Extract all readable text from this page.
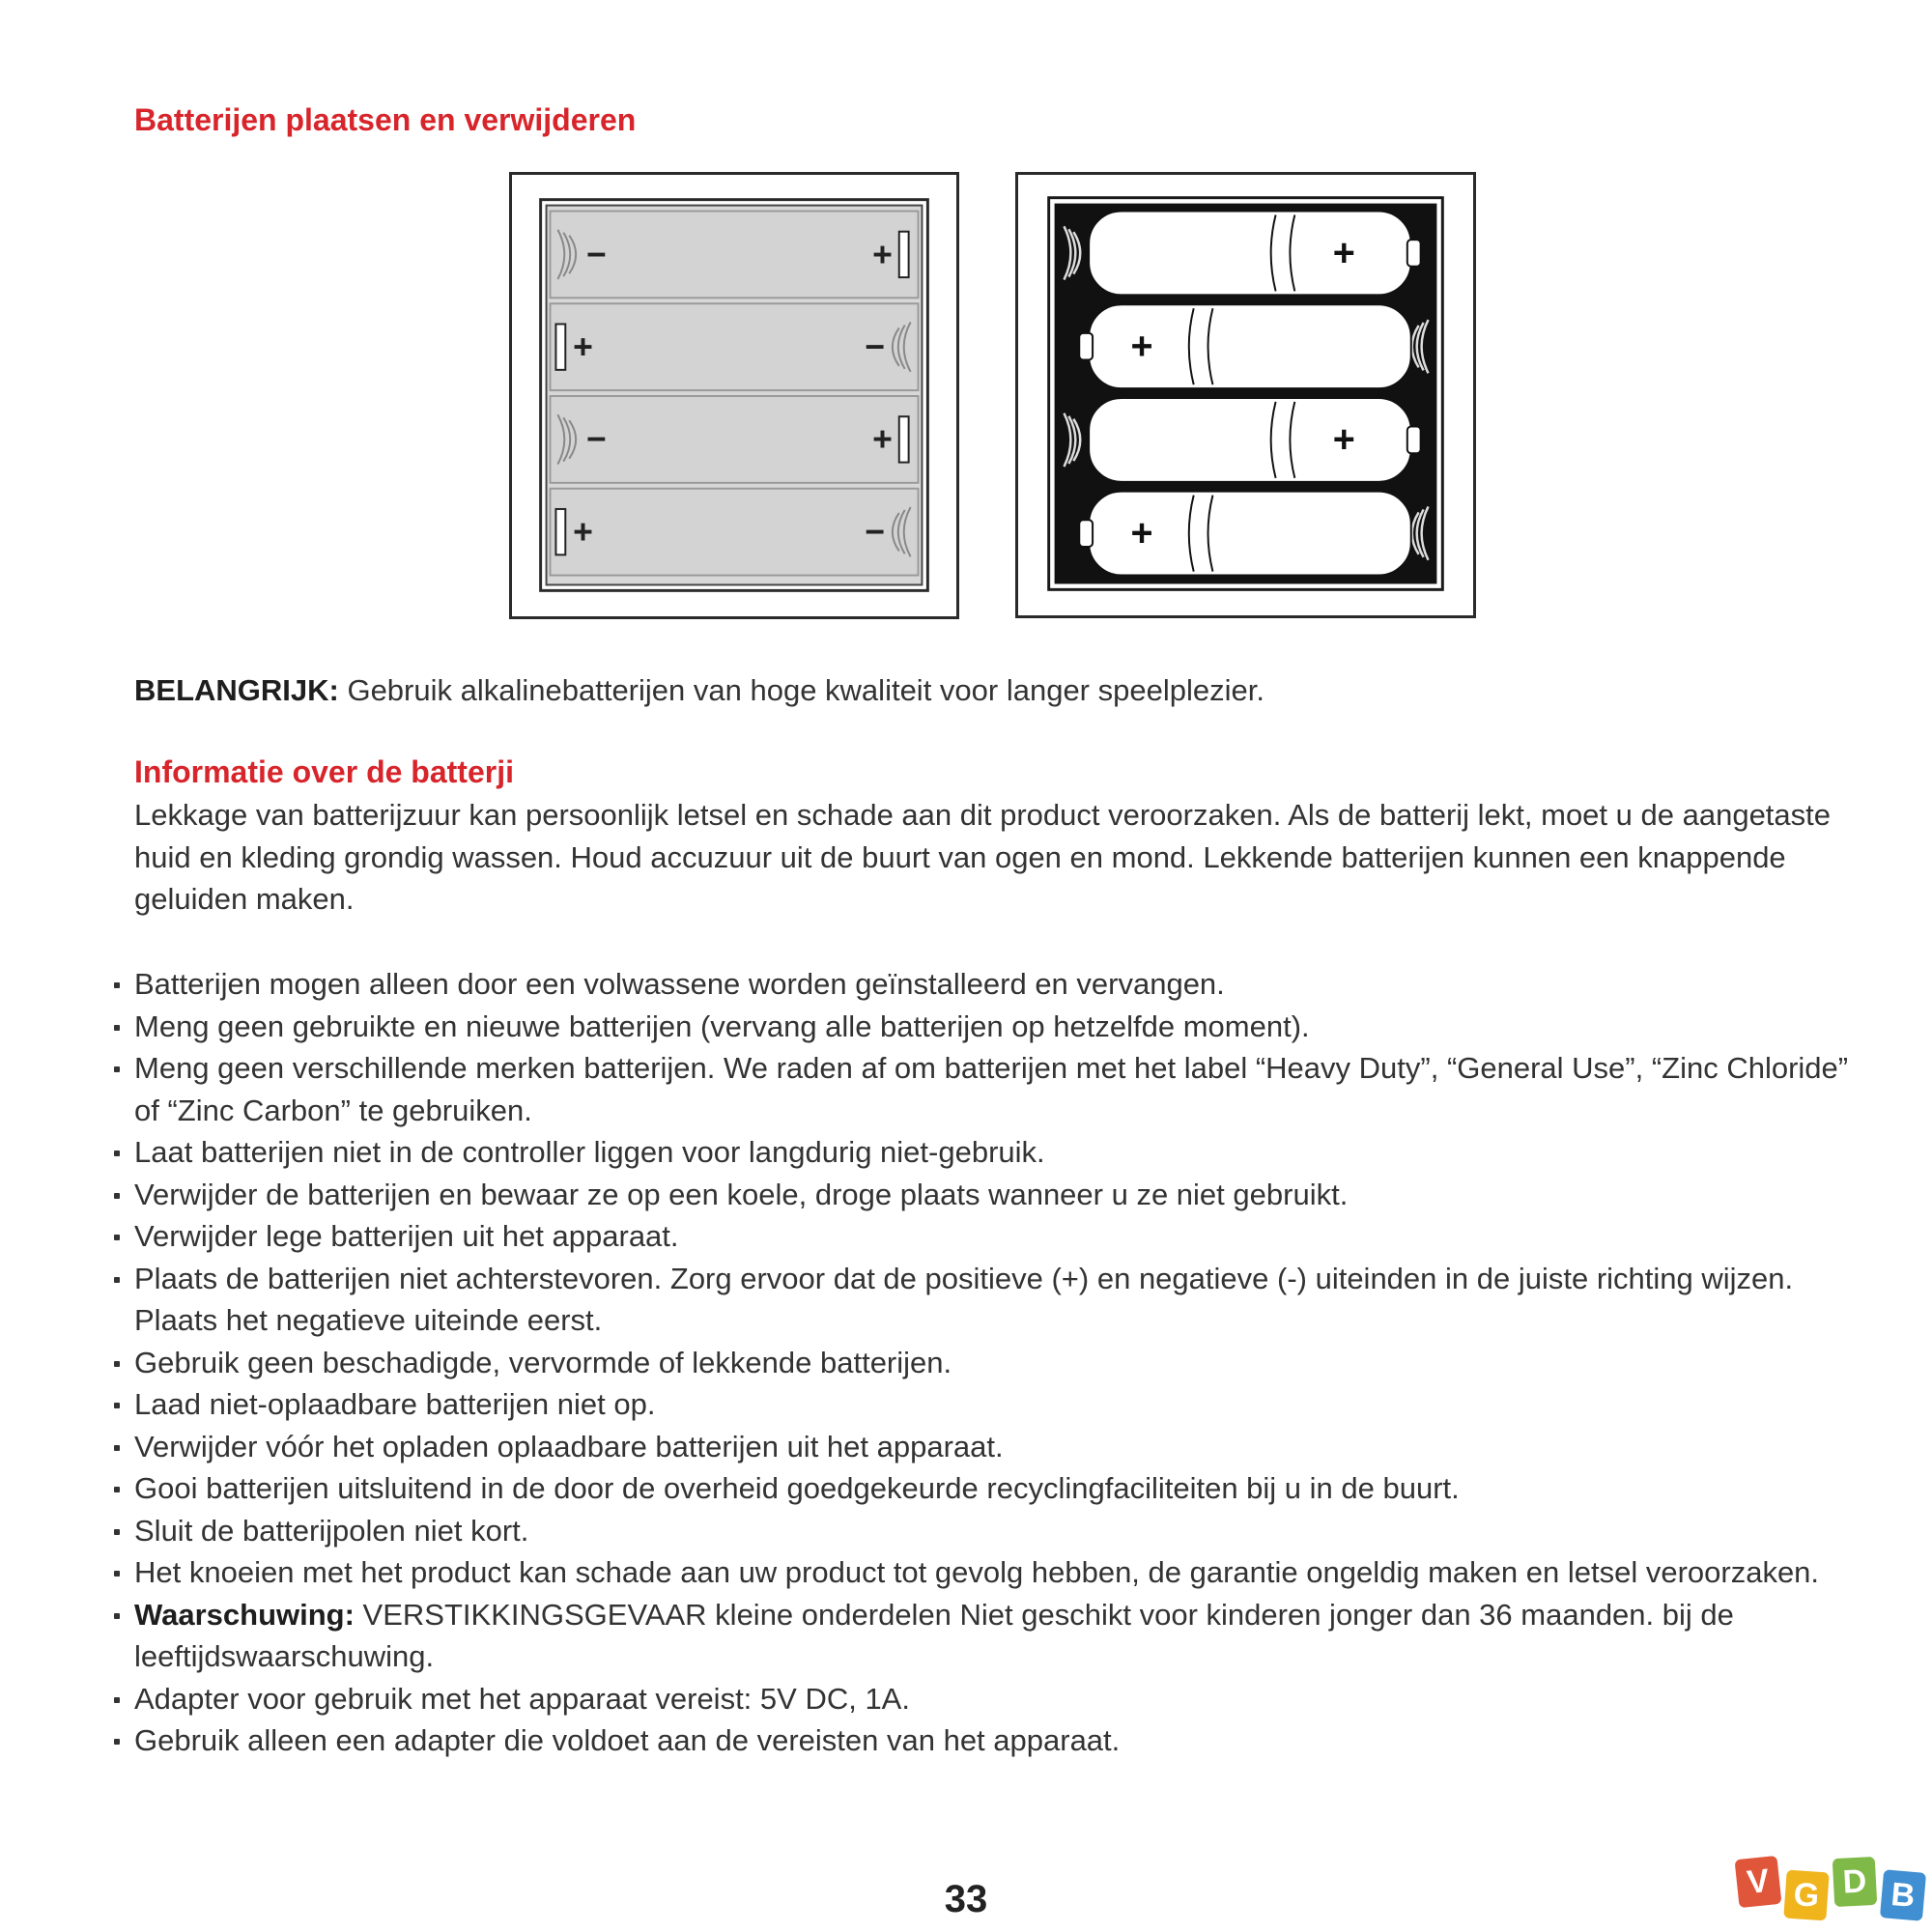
Batterijen plaatsen en verwijderen
−	+
+	−
−	+
+	−
+
+
+
+

BELANGRIJK: Gebruik alkalinebatterijen van hoge kwaliteit voor langer speelplezier.

Informatie over de batterji

Lekkage van batterijzuur kan persoonlijk letsel en schade aan dit product veroorzaken. Als de batterij lekt, moet u de aangetaste huid en kleding grondig wassen. Houd accuzuur uit de buurt van ogen en mond. Lekkende batterijen kunnen een knappende geluiden maken.

Batterijen mogen alleen door een volwassene worden geïnstalleerd en vervangen.
Meng geen gebruikte en nieuwe batterijen (vervang alle batterijen op hetzelfde moment).
Meng geen verschillende merken batterijen. We raden af om batterijen met het label “Heavy Duty”, “General Use”, “Zinc Chloride” of “Zinc Carbon” te gebruiken.
Laat batterijen niet in de controller liggen voor langdurig niet-gebruik.
Verwijder de batterijen en bewaar ze op een koele, droge plaats wanneer u ze niet gebruikt.
Verwijder lege batterijen uit het apparaat.
Plaats de batterijen niet achterstevoren. Zorg ervoor dat de positieve (+) en negatieve (-) uiteinden in de juiste richting wijzen. Plaats het negatieve uiteinde eerst.
Gebruik geen beschadigde, vervormde of lekkende batterijen.
Laad niet-oplaadbare batterijen niet op.
Verwijder vóór het opladen oplaadbare batterijen uit het apparaat.
Gooi batterijen uitsluitend in de door de overheid goedgekeurde recyclingfaciliteiten bij u in de buurt.
Sluit de batterijpolen niet kort.
Het knoeien met het product kan schade aan uw product tot gevolg hebben, de garantie ongeldig maken en letsel veroorzaken.
Waarschuwing: VERSTIKKINGSGEVAAR kleine onderdelen Niet geschikt voor kinderen jonger dan 36 maanden. bij de leeftijdswaarschuwing.
Adapter voor gebruik met het apparaat vereist: 5V DC, 1A.
Gebruik alleen een adapter die voldoet aan de vereisten van het apparaat.

33	V G D B
